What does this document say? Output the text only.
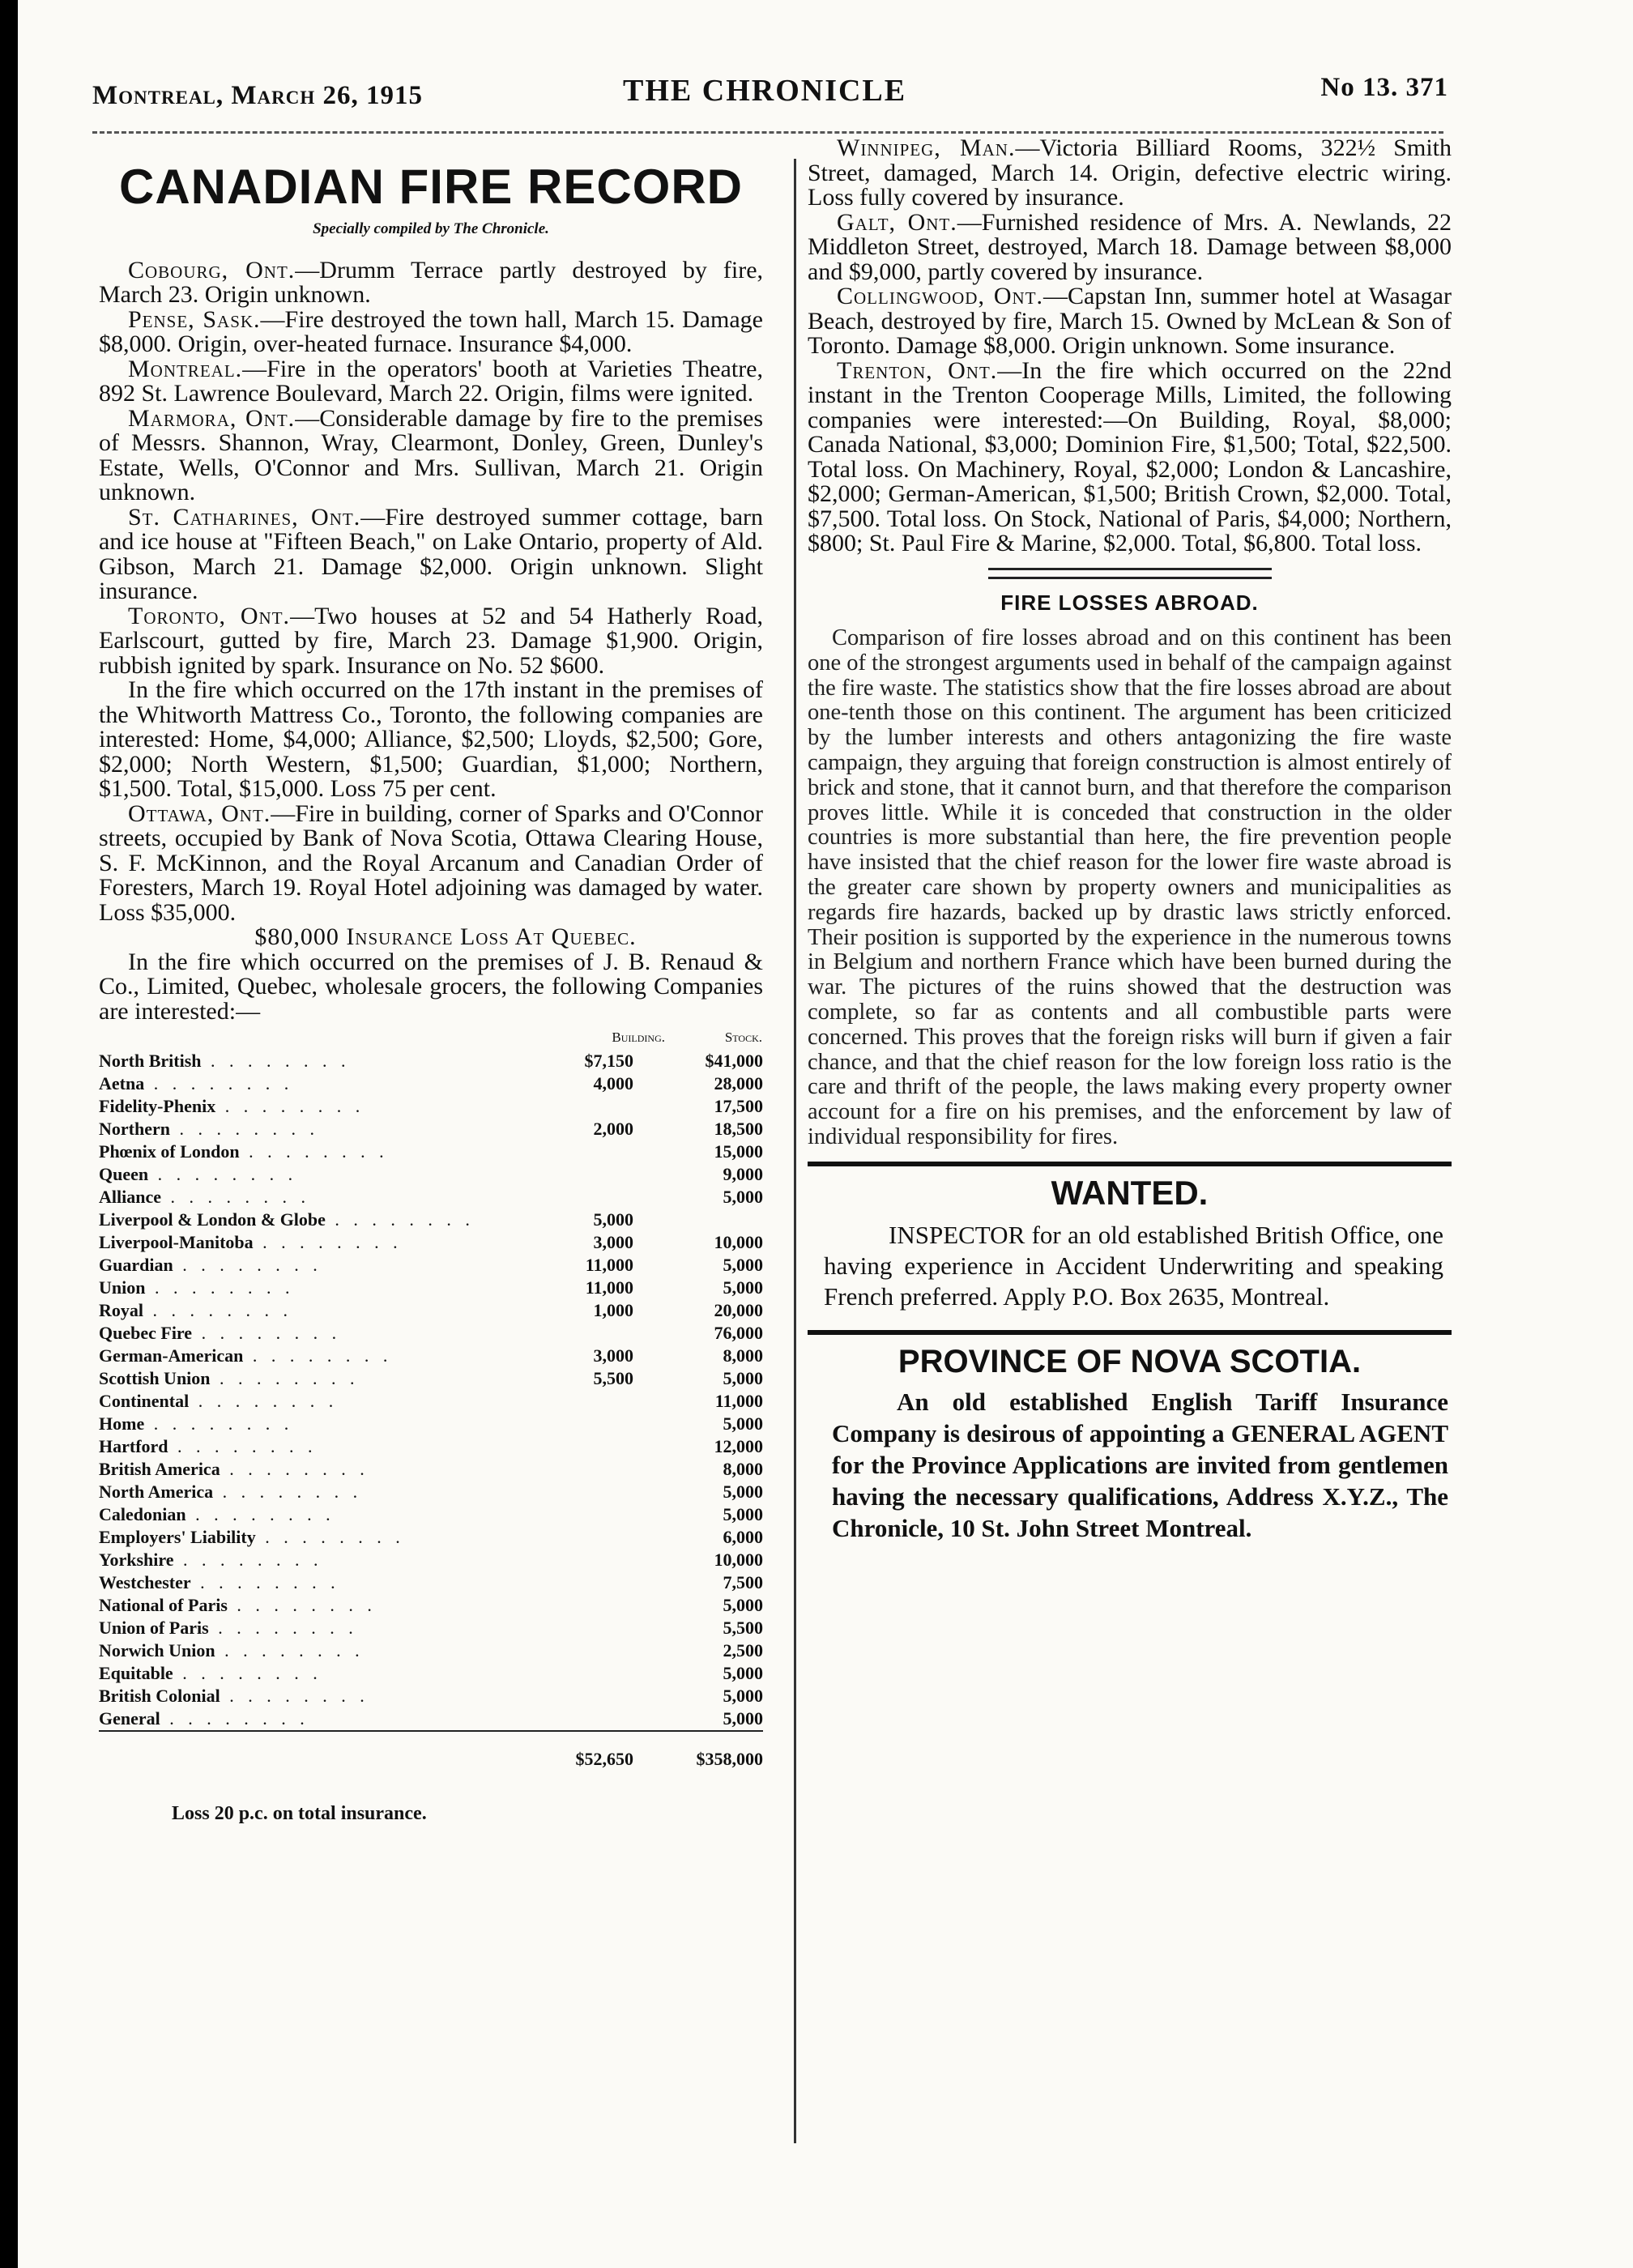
Montreal, March 26, 1915	THE CHRONICLE	No 13. 371
CANADIAN FIRE RECORD
Specially compiled by The Chronicle.

Cobourg, Ont.—Drumm Terrace partly destroyed by fire, March 23. Origin unknown.

Pense, Sask.—Fire destroyed the town hall, March 15. Damage $8,000. Origin, over-heated furnace. Insurance $4,000.

Montreal.—Fire in the operators' booth at Varieties Theatre, 892 St. Lawrence Boulevard, March 22. Origin, films were ignited.

Marmora, Ont.—Considerable damage by fire to the premises of Messrs. Shannon, Wray, Clearmont, Donley, Green, Dunley's Estate, Wells, O'Connor and Mrs. Sullivan, March 21. Origin unknown.

St. Catharines, Ont.—Fire destroyed summer cottage, barn and ice house at "Fifteen Beach," on Lake Ontario, property of Ald. Gibson, March 21. Damage $2,000. Origin unknown. Slight insurance.

Toronto, Ont.—Two houses at 52 and 54 Hatherly Road, Earlscourt, gutted by fire, March 23. Damage $1,900. Origin, rubbish ignited by spark. Insurance on No. 52 $600.

In the fire which occurred on the 17th instant in the premises of the Whitworth Mattress Co., Toronto, the following companies are interested: Home, $4,000; Alliance, $2,500; Lloyds, $2,500; Gore, $2,000; North Western, $1,500; Guardian, $1,000; Northern, $1,500. Total, $15,000. Loss 75 per cent.

Ottawa, Ont.—Fire in building, corner of Sparks and O'Connor streets, occupied by Bank of Nova Scotia, Ottawa Clearing House, S. F. McKinnon, and the Royal Arcanum and Canadian Order of Foresters, March 19. Royal Hotel adjoining was damaged by water. Loss $35,000.

$80,000 Insurance Loss At Quebec.

In the fire which occurred on the premises of J. B. Renaud & Co., Limited, Quebec, wholesale grocers, the following Companies are interested:—

	Building.	Stock.
North British . . . . . . . .	$7,150	$41,000
Aetna . . . . . . . .	4,000	28,000
Fidelity-Phenix . . . . . . . .		17,500
Northern . . . . . . . .	2,000	18,500
Phœnix of London . . . . . . . .		15,000
Queen . . . . . . . .		9,000
Alliance . . . . . . . .		5,000
Liverpool & London & Globe . . . . . . . .	5,000	
Liverpool-Manitoba . . . . . . . .	3,000	10,000
Guardian . . . . . . . .	11,000	5,000
Union . . . . . . . .	11,000	5,000
Royal . . . . . . . .	1,000	20,000
Quebec Fire . . . . . . . .		76,000
German-American . . . . . . . .	3,000	8,000
Scottish Union . . . . . . . .	5,500	5,000
Continental . . . . . . . .		11,000
Home . . . . . . . .		5,000
Hartford . . . . . . . .		12,000
British America . . . . . . . .		8,000
North America . . . . . . . .		5,000
Caledonian . . . . . . . .		5,000
Employers' Liability . . . . . . . .		6,000
Yorkshire . . . . . . . .		10,000
Westchester . . . . . . . .		7,500
National of Paris . . . . . . . .		5,000
Union of Paris . . . . . . . .		5,500
Norwich Union . . . . . . . .		2,500
Equitable . . . . . . . .		5,000
British Colonial . . . . . . . .		5,000
General . . . . . . . .		5,000
	$52,650	$358,000
Loss 20 p.c. on total insurance.

Winnipeg, Man.—Victoria Billiard Rooms, 322½ Smith Street, damaged, March 14. Origin, defective electric wiring. Loss fully covered by insurance.

Galt, Ont.—Furnished residence of Mrs. A. Newlands, 22 Middleton Street, destroyed, March 18. Damage between $8,000 and $9,000, partly covered by insurance.

Collingwood, Ont.—Capstan Inn, summer hotel at Wasagar Beach, destroyed by fire, March 15. Owned by McLean & Son of Toronto. Damage $8,000. Origin unknown. Some insurance.

Trenton, Ont.—In the fire which occurred on the 22nd instant in the Trenton Cooperage Mills, Limited, the following companies were interested:—On Building, Royal, $8,000; Canada National, $3,000; Dominion Fire, $1,500; Total, $22,500. Total loss. On Machinery, Royal, $2,000; London & Lancashire, $2,000; German-American, $1,500; British Crown, $2,000. Total, $7,500. Total loss. On Stock, National of Paris, $4,000; Northern, $800; St. Paul Fire & Marine, $2,000. Total, $6,800. Total loss.

FIRE LOSSES ABROAD.

Comparison of fire losses abroad and on this continent has been one of the strongest arguments used in behalf of the campaign against the fire waste. The statistics show that the fire losses abroad are about one-tenth those on this continent. The argument has been criticized by the lumber interests and others antagonizing the fire waste campaign, they arguing that foreign construction is almost entirely of brick and stone, that it cannot burn, and that therefore the comparison proves little. While it is conceded that construction in the older countries is more substantial than here, the fire prevention people have insisted that the chief reason for the lower fire waste abroad is the greater care shown by property owners and municipalities as regards fire hazards, backed up by drastic laws strictly enforced. Their position is supported by the experience in the numerous towns in Belgium and northern France which have been burned during the war. The pictures of the ruins showed that the destruction was complete, so far as contents and all combustible parts were concerned. This proves that the foreign risks will burn if given a fair chance, and that the chief reason for the low foreign loss ratio is the care and thrift of the people, the laws making every property owner account for a fire on his premises, and the enforcement by law of individual responsibility for fires.

WANTED.

INSPECTOR for an old established British Office, one having experience in Accident Underwriting and speaking French preferred. Apply P.O. Box 2635, Montreal.

PROVINCE OF NOVA SCOTIA.

An old established English Tariff Insurance Company is desirous of appointing a GENERAL AGENT for the Province Applications are invited from gentlemen having the necessary qualifications, Address X.Y.Z., The Chronicle, 10 St. John Street Montreal.
